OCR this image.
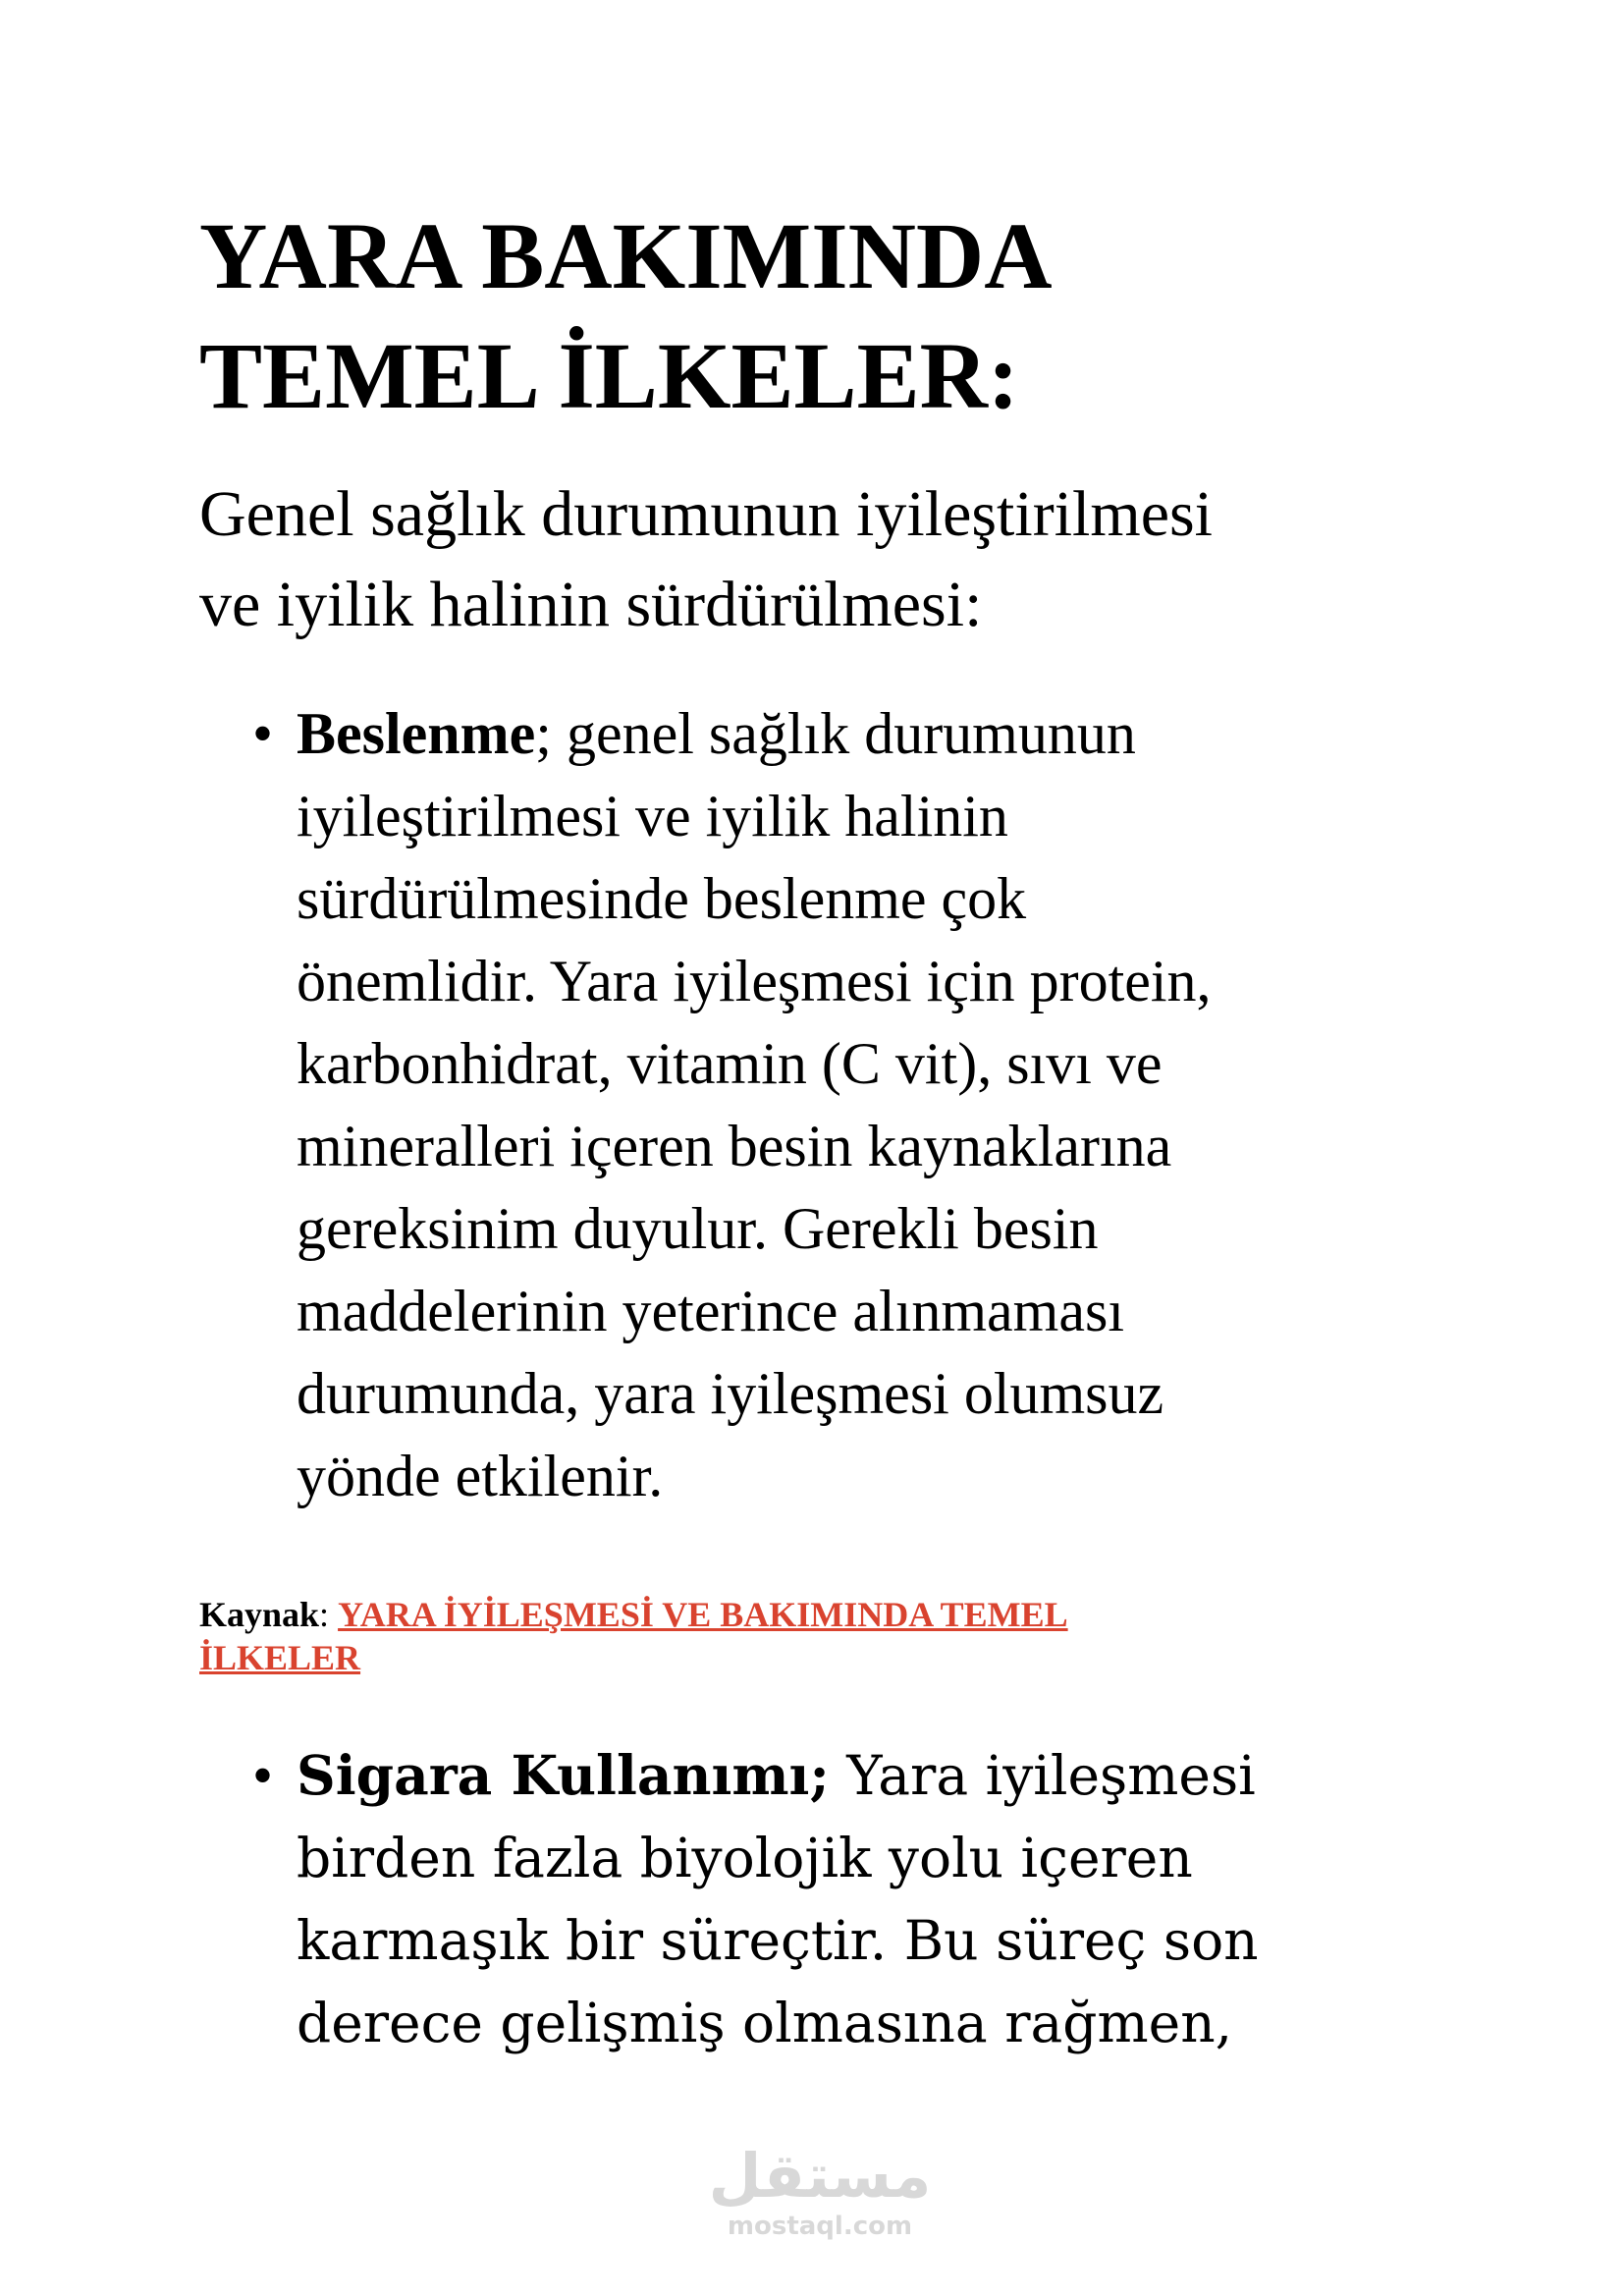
YARA BAKIMINDA
TEMEL İLKELER:

Genel sağlık durumunun iyileştirilmesi
ve iyilik halinin sürdürülmesi:

• Beslenme; genel sağlık durumunun
iyileştirilmesi ve iyilik halinin
sürdürülmesinde beslenme çok
önemlidir. Yara iyileşmesi için protein,
karbonhidrat, vitamin (C vit), sıvı ve
mineralleri içeren besin kaynaklarına
gereksinim duyulur. Gerekli besin
maddelerinin yeterince alınmaması
durumunda, yara iyileşmesi olumsuz
yönde etkilenir.

Kaynak: YARA İYİLEŞMESİ VE BAKIMINDA TEMEL
İLKELER

• Sigara Kullanımı; Yara iyileşmesi
birden fazla biyolojik yolu içeren
karmaşık bir süreçtir. Bu süreç son
derece gelişmiş olmasına rağmen,
مستقل
mostaql.com
